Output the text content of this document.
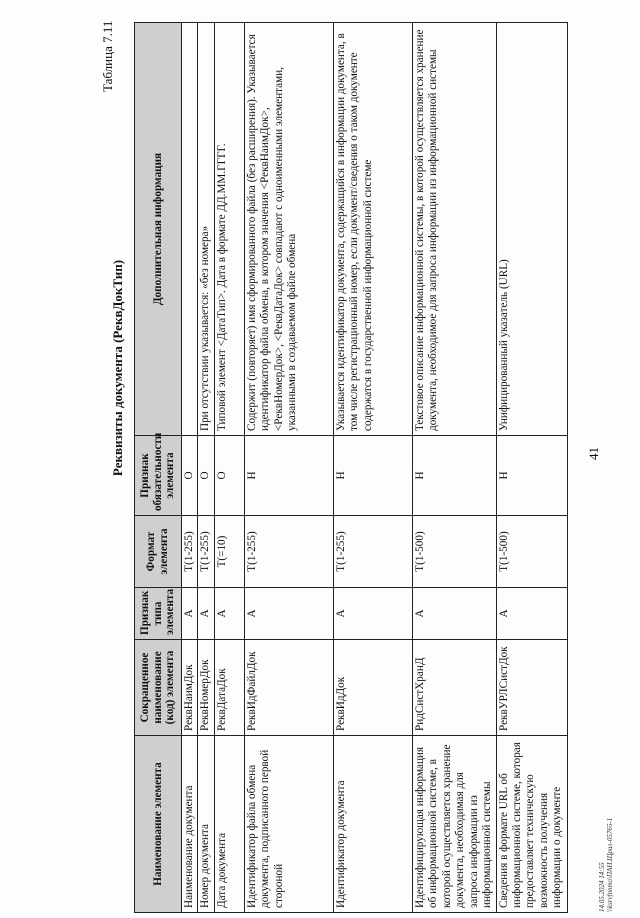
41
Таблица 7.11
Реквизиты документа (РеквДокТип)
Наименование элемента	Сокращенное наименование (код) элемента	Признак типа элемента	Формат элемента	Признак обязательности элемента	Дополнительная информация
Наименование документа	РеквНаимДок	А	T(1-255)	О	
Номер документа	РеквНомерДок	А	T(1-255)	О	При отсутствии указывается: «без номера»
Дата документа	РеквДатаДок	А	T(=10)	О	Типовой элемент <ДатаТип>. Дата в формате ДД.ММ.ГГГГ.
Идентификатор файла обмена документа, подписанного первой стороной	РеквИдФайлДок	А	T(1-255)	Н	Содержит (повторяет) имя сформированного файла (без расширения). Указывается идентификатор файла обмена, в котором значения <РеквНаимДок>, <РеквНомерДок>, <РеквДатаДок> совпадают с одноименными элементами, указанными в создаваемом файле обмена
Идентификатор документа	РеквИдДок	А	T(1-255)	Н	Указывается идентификатор документа, содержащийся в информации документа, в том числе регистрационный номер, если документ/сведения о таком документе содержатся в государственной информационной системе
Идентифицирующая информация об информационной системе, в которой осуществляется хранение документа, необходимая для запроса информации из информационной системы	РидСистХранД	А	T(1-500)	Н	Текстовое описание информационной системы, в которой осуществляется хранение документа, необходимое для запроса информации из информационной системы
Сведения в формате URL об информационной системе, которая предоставляет техническую возможность получения информации о документе	РеквУРЛСистДок	А	T(1-500)	Н	Унифицированный указатель (URL)
14.05.2024 14:55 \\ksrvfnnmo\ПАН.Щрил-05765-1
